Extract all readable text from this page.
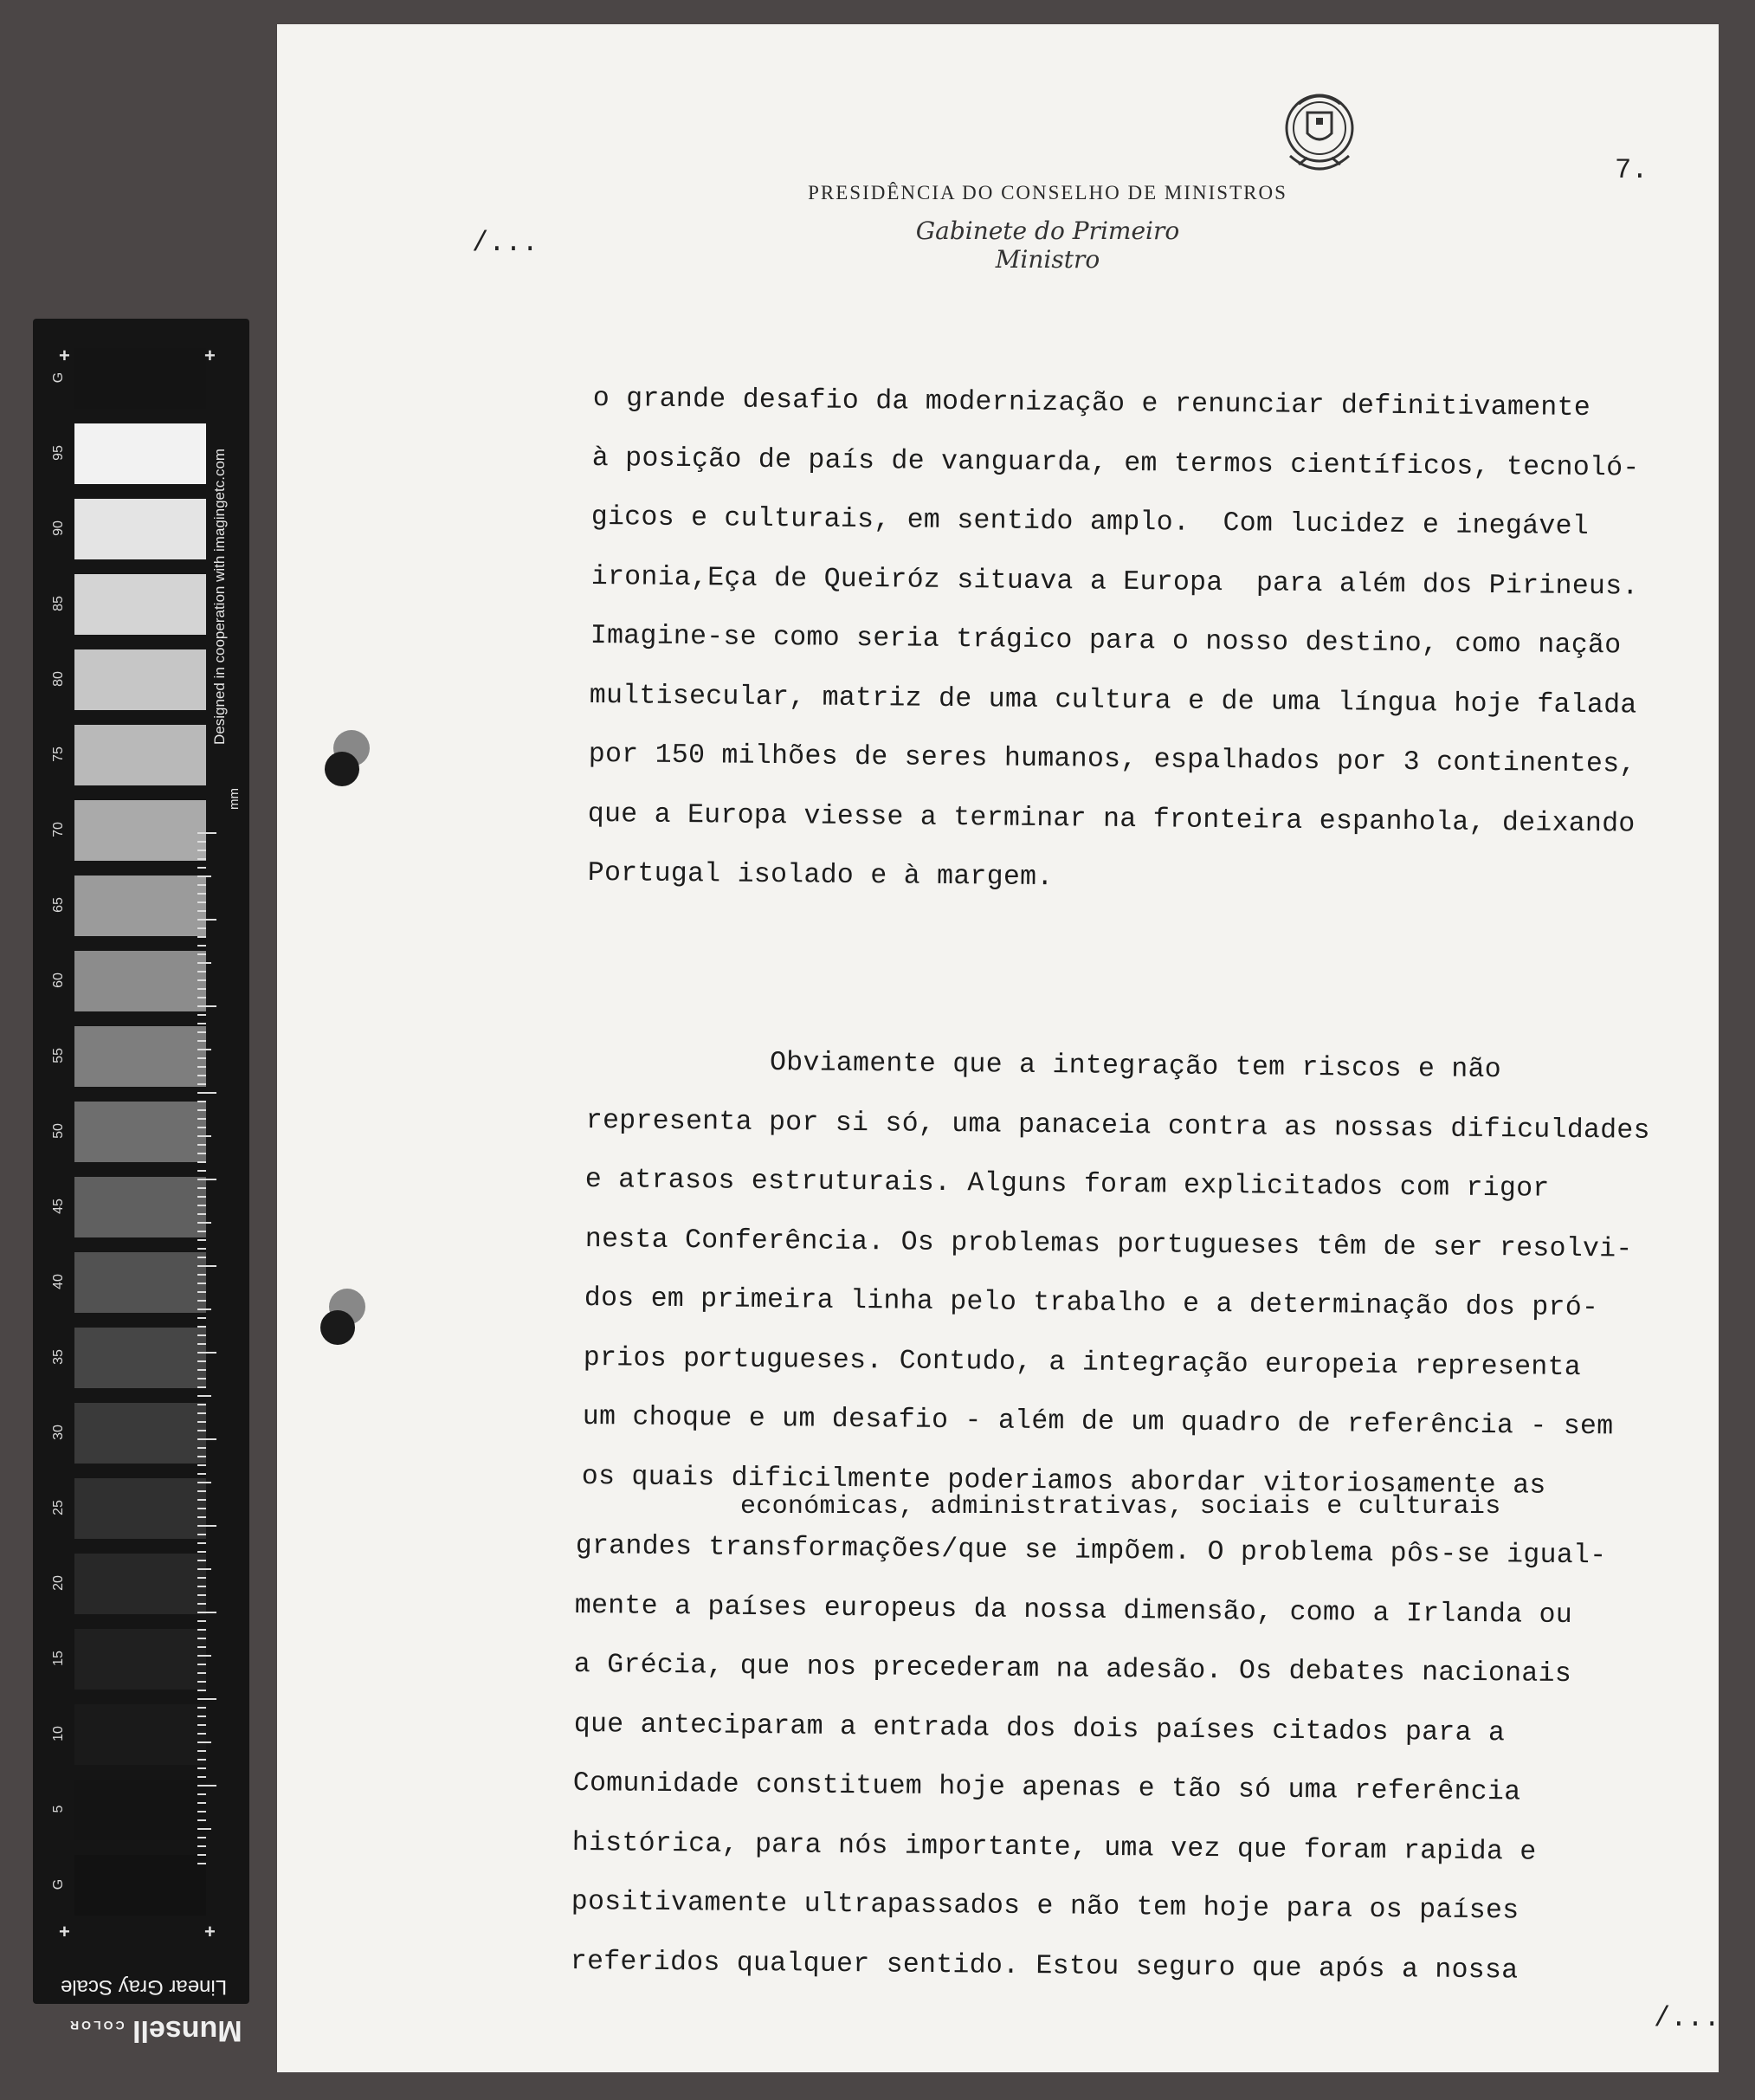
G
95
90
85
80
75
70
65
60
55
50
45
40
35
30
25
20
15
10
5
G
+	+
+	+
Designed in cooperation with imagingetc.com
mm
Linear Gray Scale
Munsell COLOR
PRESIDÊNCIA DO CONSELHO DE MINISTROS
Gabinete do Primeiro Ministro
7.
/...
o grande desafio da modernização e renunciar definitivamente
à posição de país de vanguarda, em termos científicos, tecnoló-
gicos e culturais, em sentido amplo.  Com lucidez e inegável
ironia,Eça de Queiróz situava a Europa  para além dos Pirineus.
Imagine-se como seria trágico para o nosso destino, como nação
multisecular, matriz de uma cultura e de uma língua hoje falada
por 150 milhões de seres humanos, espalhados por 3 continentes,
que a Europa viesse a terminar na fronteira espanhola, deixando
Portugal isolado e à margem.
Obviamente que a integração tem riscos e não
representa por si só, uma panaceia contra as nossas dificuldades
e atrasos estruturais. Alguns foram explicitados com rigor
nesta Conferência. Os problemas portugueses têm de ser resolvi-
dos em primeira linha pelo trabalho e a determinação dos pró-
prios portugueses. Contudo, a integração europeia representa
um choque e um desafio - além de um quadro de referência - sem
os quais dificilmente poderiamos abordar vitoriosamente as
económicas, administrativas, sociais e culturais
grandes transformações/que se impõem. O problema pôs-se igual-
mente a países europeus da nossa dimensão, como a Irlanda ou
a Grécia, que nos precederam na adesão. Os debates nacionais
que anteciparam a entrada dos dois países citados para a
Comunidade constituem hoje apenas e tão só uma referência
histórica, para nós importante, uma vez que foram rapida e
positivamente ultrapassados e não tem hoje para os países
referidos qualquer sentido. Estou seguro que após a nossa
/...
